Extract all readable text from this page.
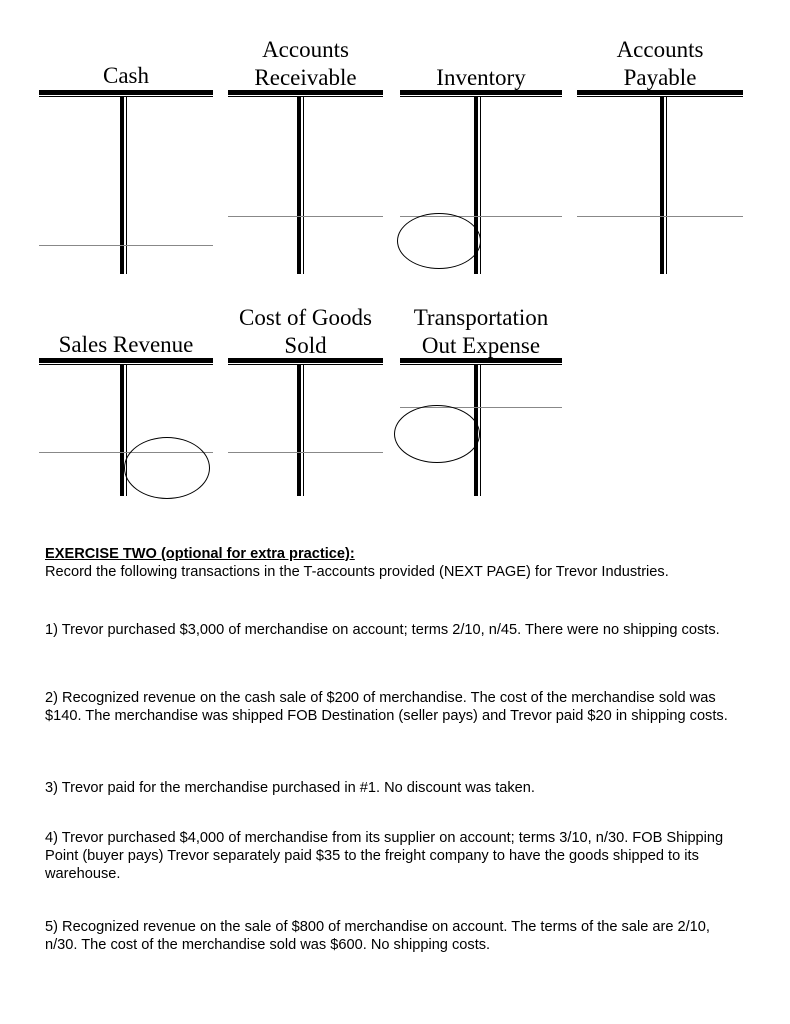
Cash
Accounts
Receivable	Inventory
Accounts
Payable
Sales Revenue
Cost of Goods
Sold
Transportation
Out Expense
EXERCISE TWO (optional for extra practice):
Record the following transactions in the T-accounts provided (NEXT PAGE) for Trevor Industries.
1) Trevor purchased $3,000 of merchandise on account; terms 2/10, n/45. There were no shipping costs.
2) Recognized revenue on the cash sale of $200 of merchandise. The cost of the merchandise sold was $140. The merchandise was shipped FOB Destination (seller pays) and Trevor paid $20 in shipping costs.
3) Trevor paid for the merchandise purchased in #1. No discount was taken.
4) Trevor purchased $4,000 of merchandise from its supplier on account; terms 3/10, n/30. FOB Shipping Point (buyer pays) Trevor separately paid $35 to the freight company to have the goods shipped to its warehouse.
5) Recognized revenue on the sale of $800 of merchandise on account. The terms of the sale are 2/10, n/30. The cost of the merchandise sold was $600. No shipping costs.
